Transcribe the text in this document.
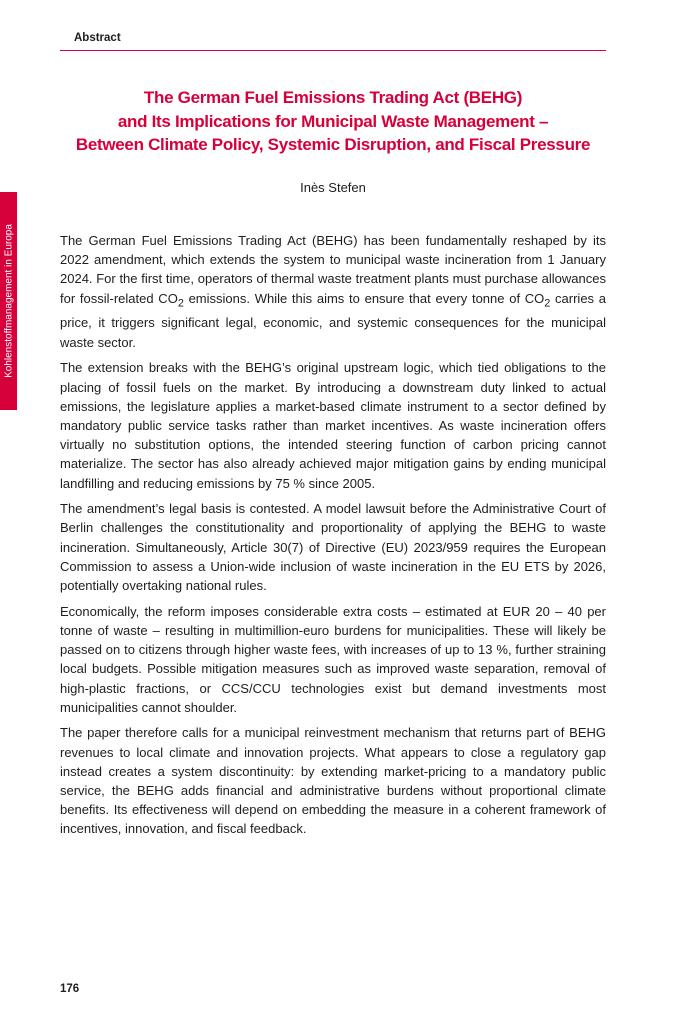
Abstract
Kohlenstoffmanagement in Europa
The German Fuel Emissions Trading Act (BEHG)
and Its Implications for Municipal Waste Management –
Between Climate Policy, Systemic Disruption, and Fiscal Pressure
Inès Stefen

The German Fuel Emissions Trading Act (BEHG) has been fundamentally reshaped by its 2022 amendment, which extends the system to municipal waste incineration from 1 January 2024. For the first time, operators of thermal waste treatment plants must purchase allowances for fossil-related $CO_2$ emissions. While this aims to ensure that every tonne of $CO_2$ carries a price, it triggers significant legal, economic, and systemic consequences for the municipal waste sector.

The extension breaks with the BEHG’s original upstream logic, which tied obligations to the placing of fossil fuels on the market. By introducing a downstream duty linked to actual emissions, the legislature applies a market-based climate instrument to a sector defined by mandatory public service tasks rather than market incentives. As waste incineration offers virtually no substitution options, the intended steering function of carbon pricing cannot materialize. The sector has also already achieved major mitigation gains by ending municipal landfilling and reducing emissions by 75 % since 2005.

The amendment’s legal basis is contested. A model lawsuit before the Administrative Court of Berlin challenges the constitutionality and proportionality of applying the BEHG to waste incineration. Simultaneously, Article 30(7) of Directive (EU) 2023/959 requires the European Commission to assess a Union-wide inclusion of waste incineration in the EU ETS by 2026, potentially overtaking national rules.

Economically, the reform imposes considerable extra costs – estimated at EUR 20 – 40 per tonne of waste – resulting in multimillion-euro burdens for municipalities. These will likely be passed on to citizens through higher waste fees, with increases of up to 13 %, further straining local budgets. Possible mitigation measures such as improved waste separation, removal of high-plastic fractions, or CCS/CCU technologies exist but demand investments most municipalities cannot shoulder.

The paper therefore calls for a municipal reinvestment mechanism that returns part of BEHG revenues to local climate and innovation projects. What appears to close a regulatory gap instead creates a system discontinuity: by extending market-pricing to a mandatory public service, the BEHG adds financial and administrative burdens without proportional climate benefits. Its effectiveness will depend on embedding the measure in a coherent framework of incentives, innovation, and fiscal feedback.

176
